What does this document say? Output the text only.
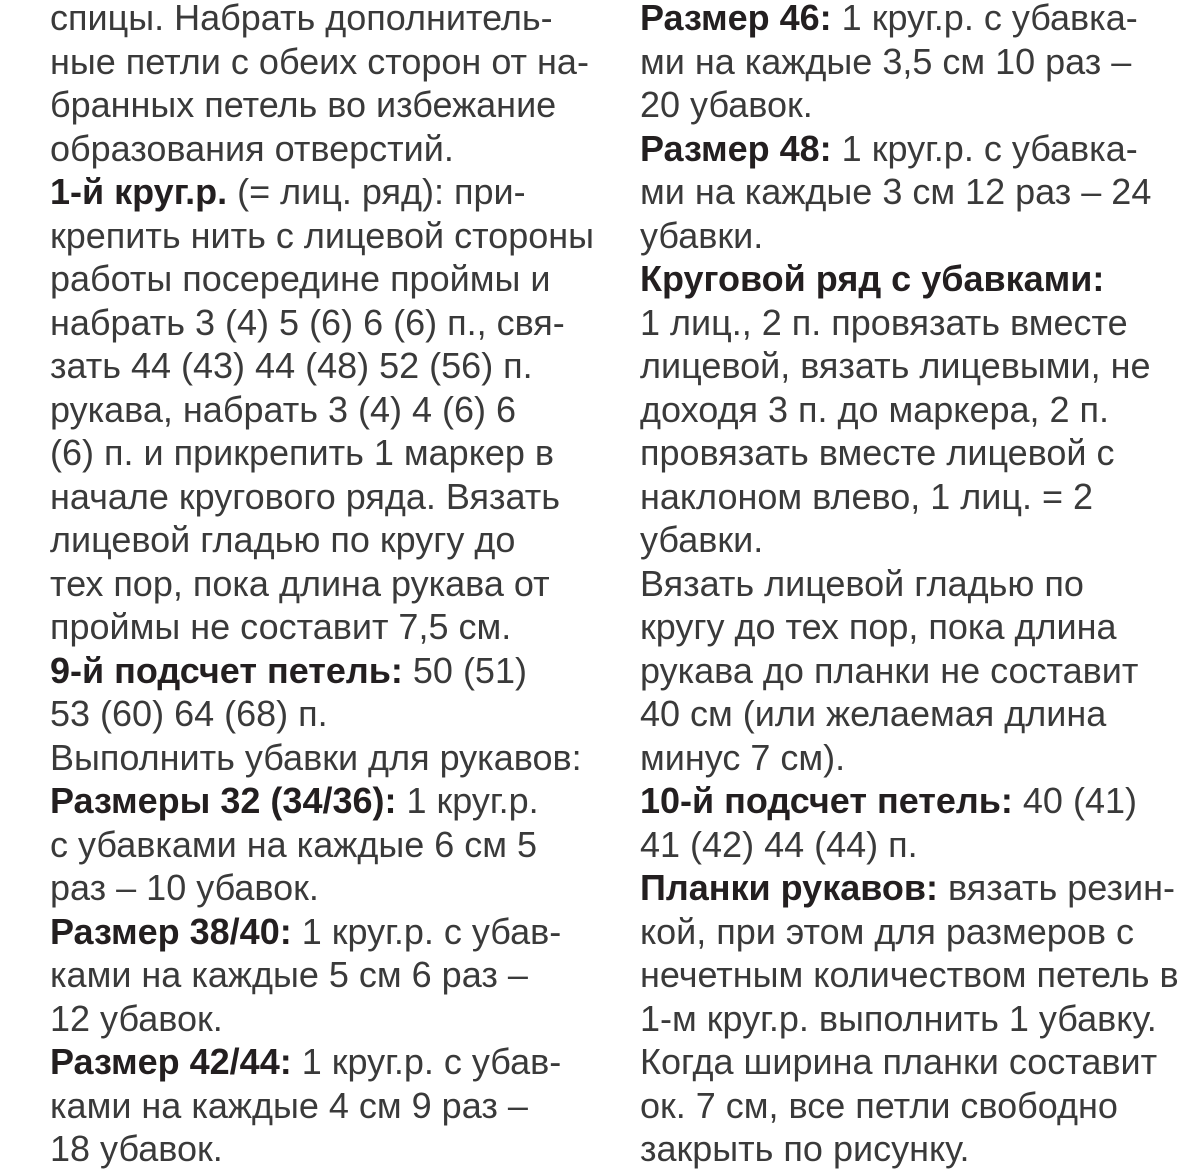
спицы. Набрать дополнитель-
ные петли с обеих сторон от на-
бранных петель во избежание
образования отверстий.
1-й круг.р. (= лиц. ряд): при-
крепить нить с лицевой стороны
работы посередине проймы и
набрать 3 (4) 5 (6) 6 (6) п., свя-
зать 44 (43) 44 (48) 52 (56) п.
рукава, набрать 3 (4) 4 (6) 6
(6) п. и прикрепить 1 маркер в
начале кругового ряда. Вязать
лицевой гладью по кругу до
тех пор, пока длина рукава от
проймы не составит 7,5 см.
9-й подсчет петель: 50 (51)
53 (60) 64 (68) п.
Выполнить убавки для рукавов:
Размеры 32 (34/36): 1 круг.р.
с убавками на каждые 6 см 5
раз – 10 убавок.
Размер 38/40: 1 круг.р. с убав-
ками на каждые 5 см 6 раз –
12 убавок.
Размер 42/44: 1 круг.р. с убав-
ками на каждые 4 см 9 раз –
18 убавок.
Размер 46: 1 круг.р. с убавка-
ми на каждые 3,5 см 10 раз –
20 убавок.
Размер 48: 1 круг.р. с убавка-
ми на каждые 3 см 12 раз – 24
убавки.
Круговой ряд с убавками:
1 лиц., 2 п. провязать вместе
лицевой, вязать лицевыми, не
доходя 3 п. до маркера, 2 п.
провязать вместе лицевой с
наклоном влево, 1 лиц. = 2
убавки.
Вязать лицевой гладью по
кругу до тех пор, пока длина
рукава до планки не составит
40 см (или желаемая длина
минус 7 см).
10-й подсчет петель: 40 (41)
41 (42) 44 (44) п.
Планки рукавов: вязать резин-
кой, при этом для размеров с
нечетным количеством петель в
1-м круг.р. выполнить 1 убавку.
Когда ширина планки составит
ок. 7 см, все петли свободно
закрыть по рисунку.
